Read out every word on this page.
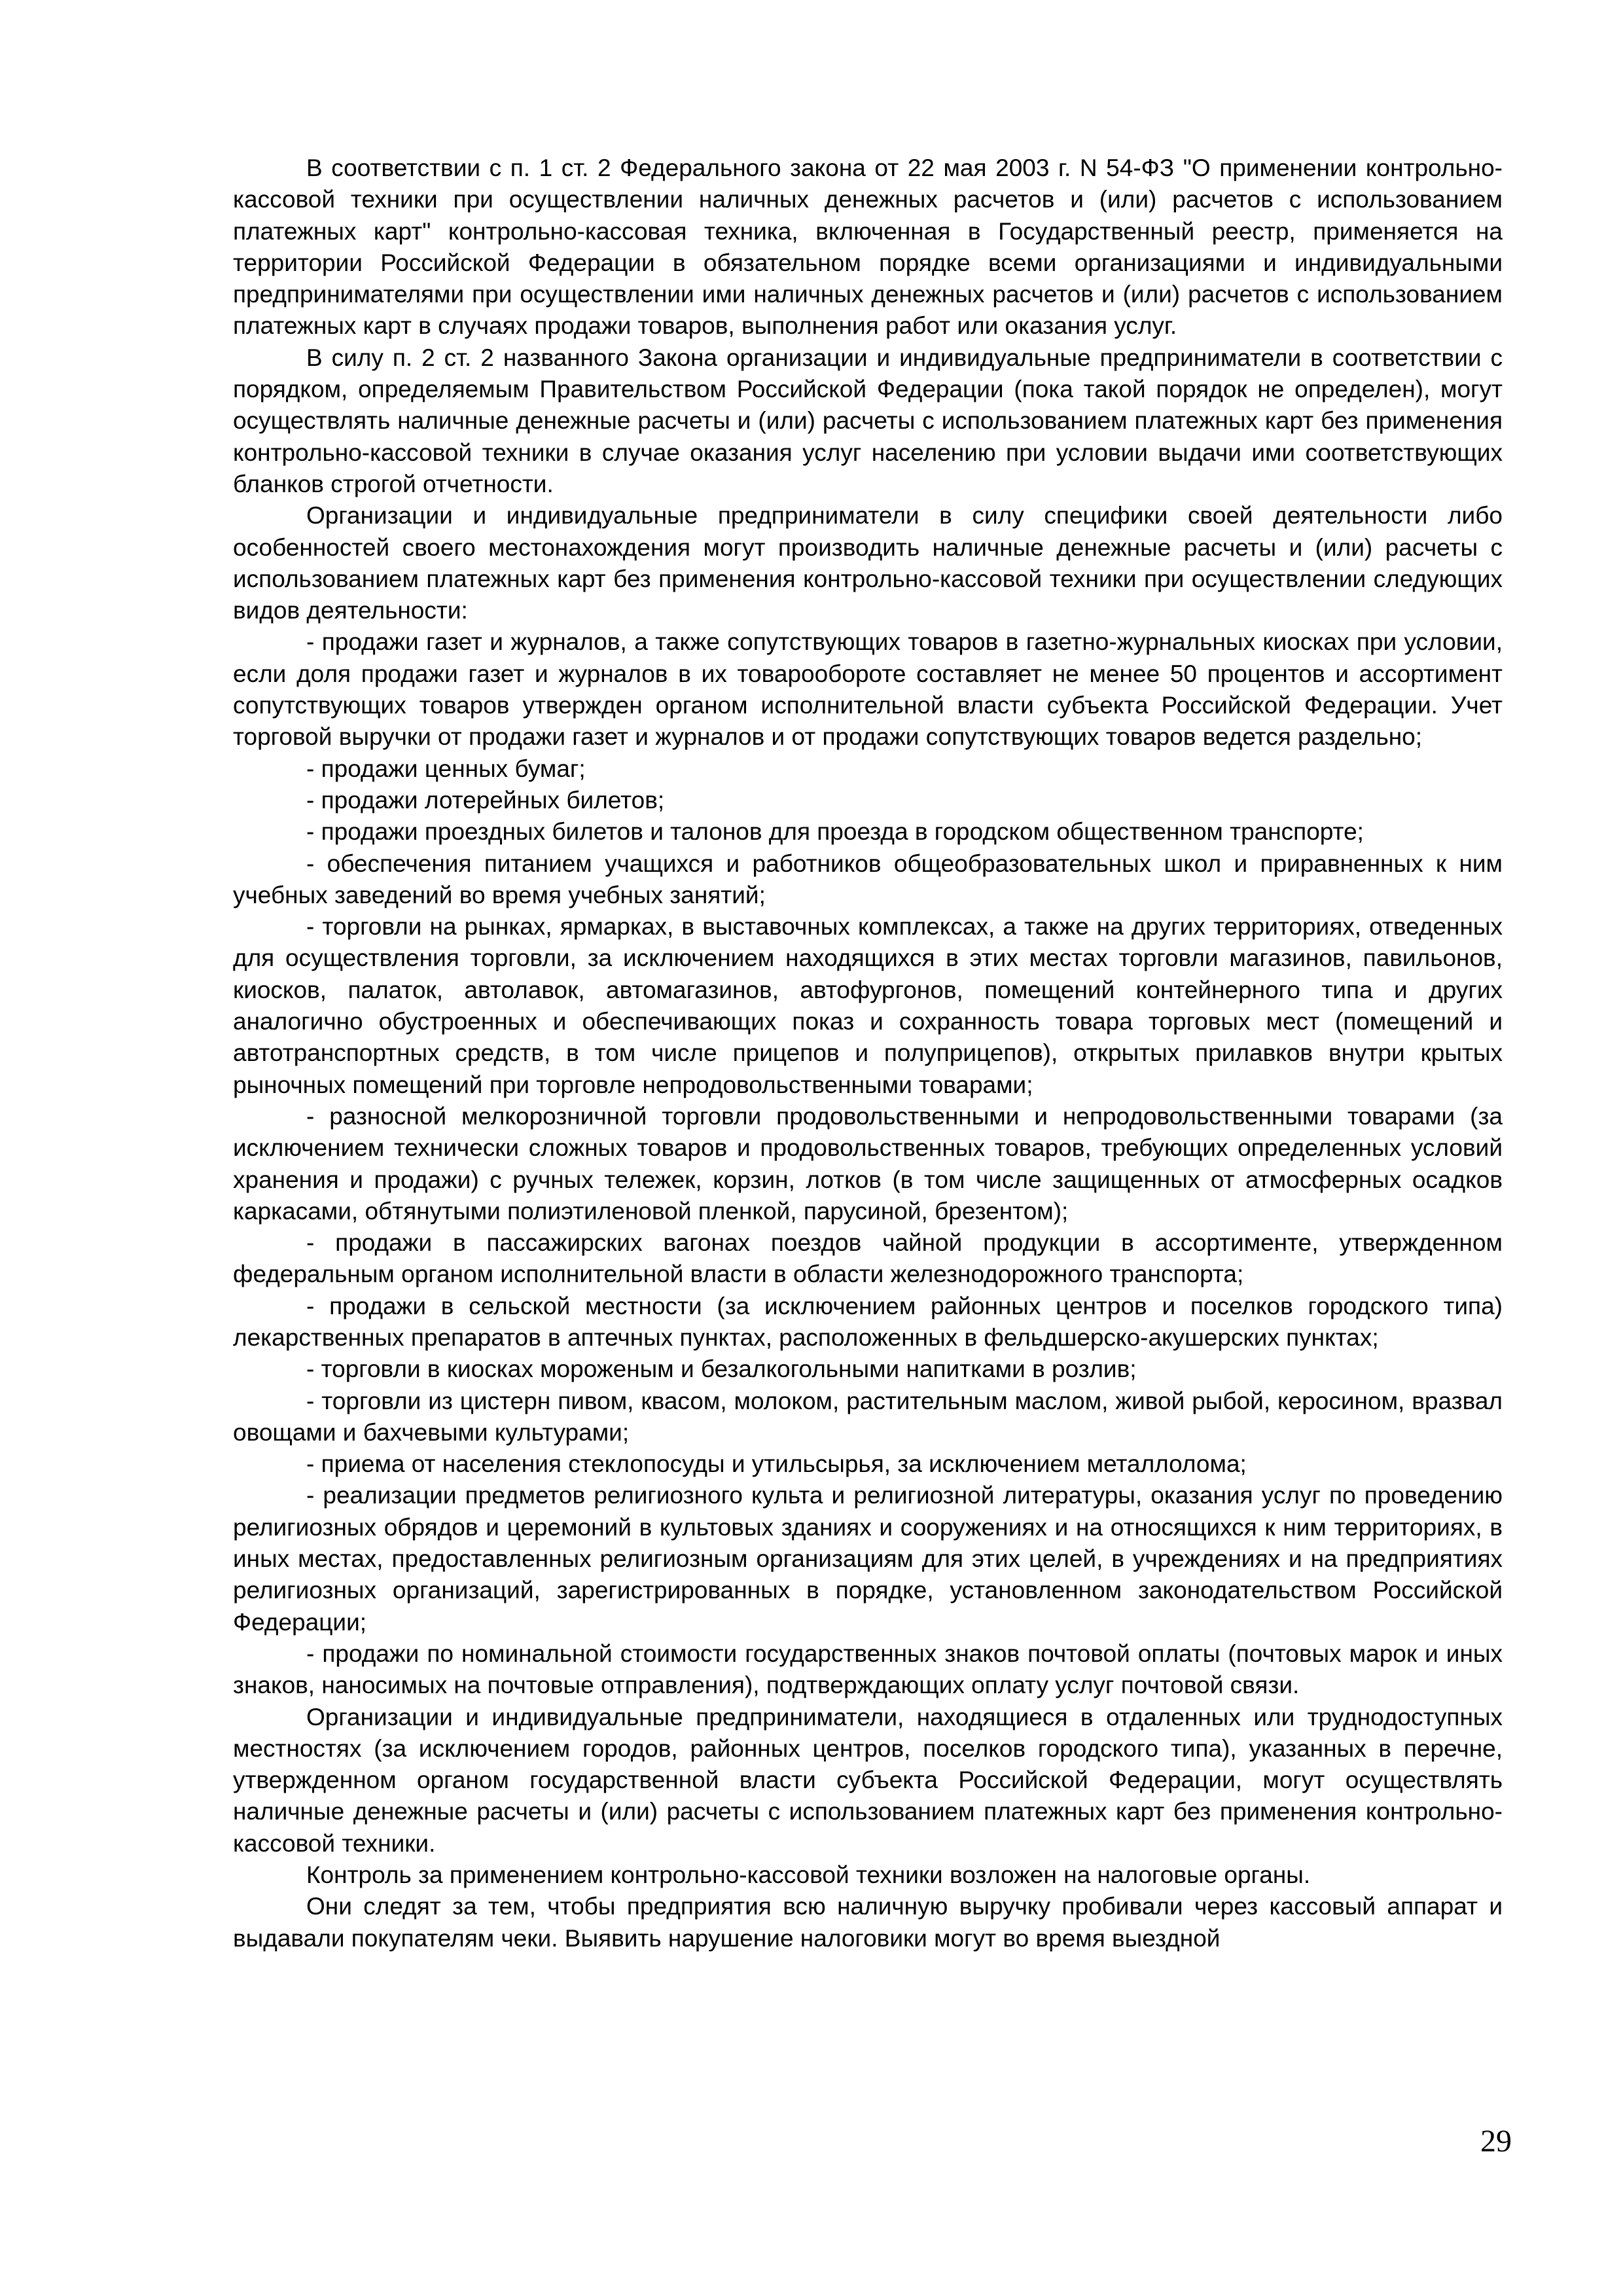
В соответствии с п. 1 ст. 2 Федерального закона от 22 мая 2003 г. N 54-ФЗ "О применении контрольно-кассовой техники при осуществлении наличных денежных расчетов и (или) расчетов с использованием платежных карт" контрольно-кассовая техника, включенная в Государственный реестр, применяется на территории Российской Федерации в обязательном порядке всеми организациями и индивидуальными предпринимателями при осуществлении ими наличных денежных расчетов и (или) расчетов с использованием платежных карт в случаях продажи товаров, выполнения работ или оказания услуг.

В силу п. 2 ст. 2 названного Закона организации и индивидуальные предприниматели в соответствии с порядком, определяемым Правительством Российской Федерации (пока такой порядок не определен), могут осуществлять наличные денежные расчеты и (или) расчеты с использованием платежных карт без применения контрольно-кассовой техники в случае оказания услуг населению при условии выдачи ими соответствующих бланков строгой отчетности.

Организации и индивидуальные предприниматели в силу специфики своей деятельности либо особенностей своего местонахождения могут производить наличные денежные расчеты и (или) расчеты с использованием платежных карт без применения контрольно-кассовой техники при осуществлении следующих видов деятельности:

- продажи газет и журналов, а также сопутствующих товаров в газетно-журнальных киосках при условии, если доля продажи газет и журналов в их товарообороте составляет не менее 50 процентов и ассортимент сопутствующих товаров утвержден органом исполнительной власти субъекта Российской Федерации. Учет торговой выручки от продажи газет и журналов и от продажи сопутствующих товаров ведется раздельно;

- продажи ценных бумаг;

- продажи лотерейных билетов;

- продажи проездных билетов и талонов для проезда в городском общественном транспорте;

- обеспечения питанием учащихся и работников общеобразовательных школ и приравненных к ним учебных заведений во время учебных занятий;

- торговли на рынках, ярмарках, в выставочных комплексах, а также на других территориях, отведенных для осуществления торговли, за исключением находящихся в этих местах торговли магазинов, павильонов, киосков, палаток, автолавок, автомагазинов, автофургонов, помещений контейнерного типа и других аналогично обустроенных и обеспечивающих показ и сохранность товара торговых мест (помещений и автотранспортных средств, в том числе прицепов и полуприцепов), открытых прилавков внутри крытых рыночных помещений при торговле непродовольственными товарами;

- разносной мелкорозничной торговли продовольственными и непродовольственными товарами (за исключением технически сложных товаров и продовольственных товаров, требующих определенных условий хранения и продажи) с ручных тележек, корзин, лотков (в том числе защищенных от атмосферных осадков каркасами, обтянутыми полиэтиленовой пленкой, парусиной, брезентом);

- продажи в пассажирских вагонах поездов чайной продукции в ассортименте, утвержденном федеральным органом исполнительной власти в области железнодорожного транспорта;

- продажи в сельской местности (за исключением районных центров и поселков городского типа) лекарственных препаратов в аптечных пунктах, расположенных в фельдшерско-акушерских пунктах;

- торговли в киосках мороженым и безалкогольными напитками в розлив;

- торговли из цистерн пивом, квасом, молоком, растительным маслом, живой рыбой, керосином, вразвал овощами и бахчевыми культурами;

- приема от населения стеклопосуды и утильсырья, за исключением металлолома;

- реализации предметов религиозного культа и религиозной литературы, оказания услуг по проведению религиозных обрядов и церемоний в культовых зданиях и сооружениях и на относящихся к ним территориях, в иных местах, предоставленных религиозным организациям для этих целей, в учреждениях и на предприятиях религиозных организаций, зарегистрированных в порядке, установленном законодательством Российской Федерации;

- продажи по номинальной стоимости государственных знаков почтовой оплаты (почтовых марок и иных знаков, наносимых на почтовые отправления), подтверждающих оплату услуг почтовой связи.

Организации и индивидуальные предприниматели, находящиеся в отдаленных или труднодоступных местностях (за исключением городов, районных центров, поселков городского типа), указанных в перечне, утвержденном органом государственной власти субъекта Российской Федерации, могут осуществлять наличные денежные расчеты и (или) расчеты с использованием платежных карт без применения контрольно-кассовой техники.

Контроль за применением контрольно-кассовой техники возложен на налоговые органы.

Они следят за тем, чтобы предприятия всю наличную выручку пробивали через кассовый аппарат и выдавали покупателям чеки. Выявить нарушение налоговики могут во время выездной

29
